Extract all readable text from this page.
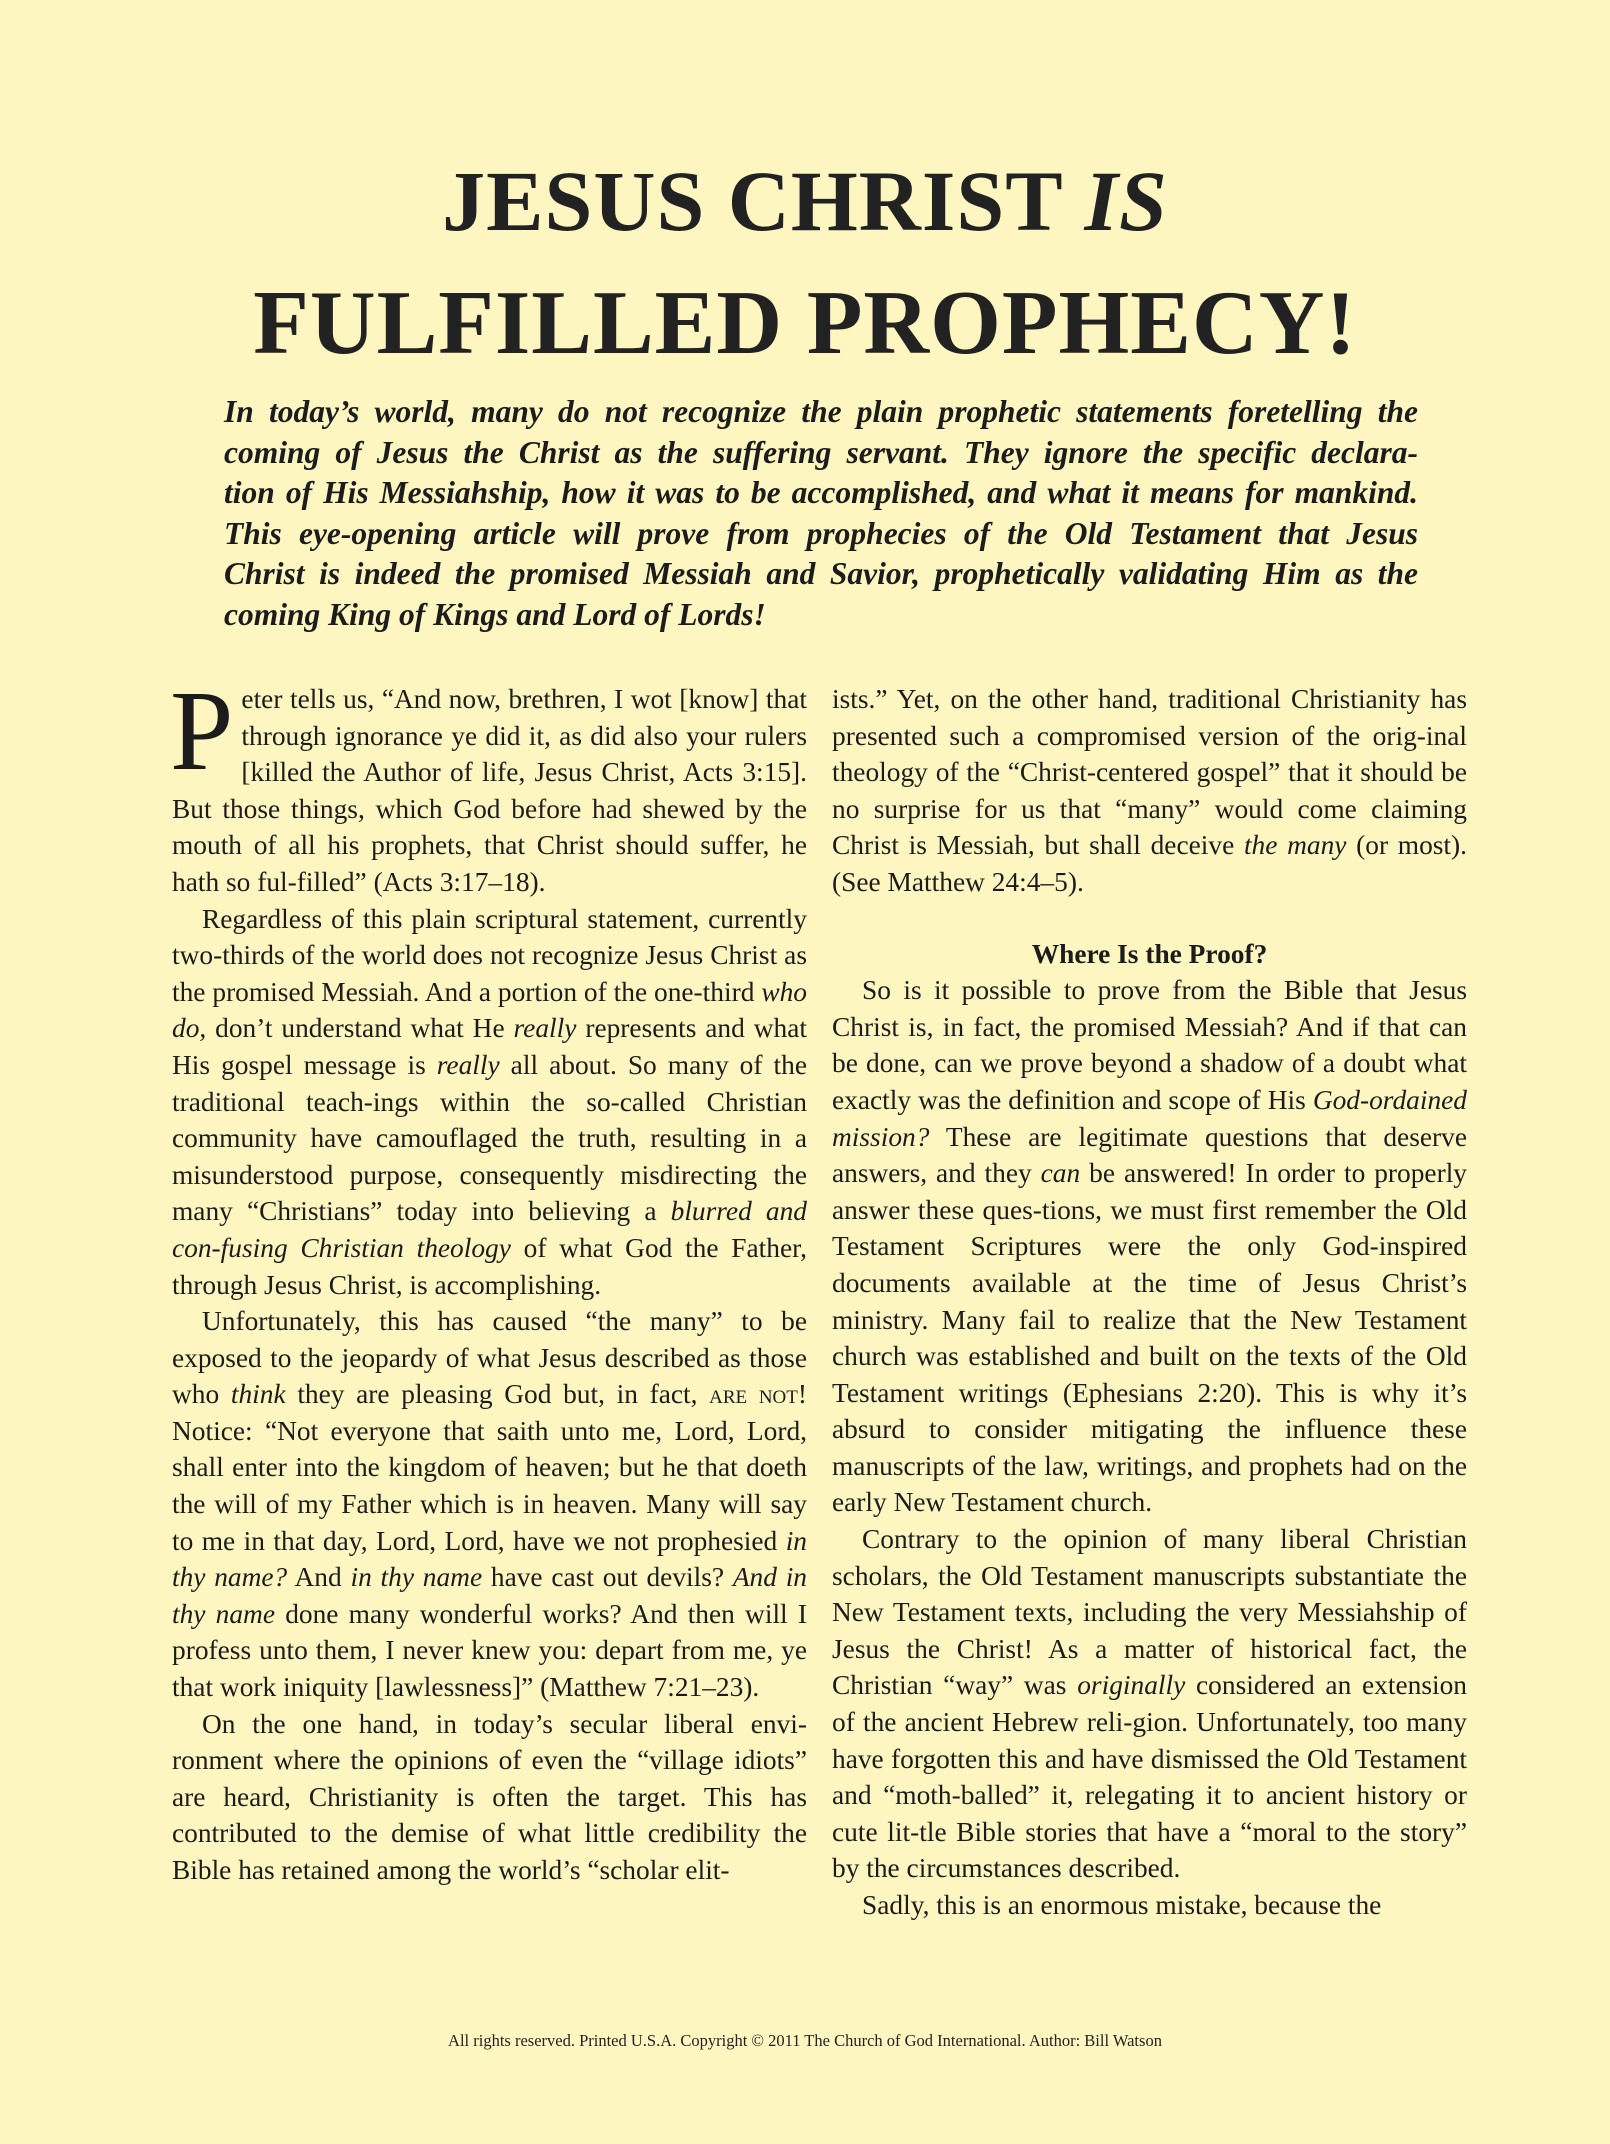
JESUS CHRIST IS
FULFILLED PROPHECY!
In today’s world, many do not recognize the plain prophetic statements foretelling the
coming of Jesus the Christ as the suffering servant. They ignore the specific declara-
tion of His Messiahship, how it was to be accomplished, and what it means for mankind.
This eye-opening article will prove from prophecies of the Old Testament that Jesus
Christ is indeed the promised Messiah and Savior, prophetically validating Him as the
coming King of Kings and Lord of Lords!

Peter tells us, “And now, brethren, I wot [know] that through ignorance ye did it, as did also your rulers [killed the Author of life, Jesus Christ, Acts 3:15]. But those things, which God before had shewed by the mouth of all his prophets, that Christ should suffer, he hath so ful-filled” (Acts 3:17–18).

Regardless of this plain scriptural statement, currently two-thirds of the world does not recognize Jesus Christ as the promised Messiah. And a portion of the one-third who do, don’t understand what He really represents and what His gospel message is really all about. So many of the traditional teach-ings within the so-called Christian community have camouflaged the truth, resulting in a misunderstood purpose, consequently misdirecting the many “Christians” today into believing a blurred and con-fusing Christian theology of what God the Father, through Jesus Christ, is accomplishing.

Unfortunately, this has caused “the many” to be exposed to the jeopardy of what Jesus described as those who think they are pleasing God but, in fact, are not! Notice: “Not everyone that saith unto me, Lord, Lord, shall enter into the kingdom of heaven; but he that doeth the will of my Father which is in heaven. Many will say to me in that day, Lord, Lord, have we not prophesied in thy name? And in thy name have cast out devils? And in thy name done many wonderful works? And then will I profess unto them, I never knew you: depart from me, ye that work iniquity [lawlessness]” (Matthew 7:21–23).

On the one hand, in today’s secular liberal envi-ronment where the opinions of even the “village idiots” are heard, Christianity is often the target. This has contributed to the demise of what little credibility the Bible has retained among the world’s “scholar elit-

ists.” Yet, on the other hand, traditional Christianity has presented such a compromised version of the orig-inal theology of the “Christ-centered gospel” that it should be no surprise for us that “many” would come claiming Christ is Messiah, but shall deceive the many (or most). (See Matthew 24:4–5).

Where Is the Proof?

So is it possible to prove from the Bible that Jesus Christ is, in fact, the promised Messiah? And if that can be done, can we prove beyond a shadow of a doubt what exactly was the definition and scope of His God-ordained mission? These are legitimate questions that deserve answers, and they can be answered! In order to properly answer these ques-tions, we must first remember the Old Testament Scriptures were the only God-inspired documents available at the time of Jesus Christ’s ministry. Many fail to realize that the New Testament church was established and built on the texts of the Old Testament writings (Ephesians 2:20). This is why it’s absurd to consider mitigating the influence these manuscripts of the law, writings, and prophets had on the early New Testament church.

Contrary to the opinion of many liberal Christian scholars, the Old Testament manuscripts substantiate the New Testament texts, including the very Messiahship of Jesus the Christ! As a matter of historical fact, the Christian “way” was originally considered an extension of the ancient Hebrew reli-gion. Unfortunately, too many have forgotten this and have dismissed the Old Testament and “moth-balled” it, relegating it to ancient history or cute lit-tle Bible stories that have a “moral to the story” by the circumstances described.

Sadly, this is an enormous mistake, because the

All rights reserved. Printed U.S.A. Copyright © 2011 The Church of God International. Author: Bill Watson
